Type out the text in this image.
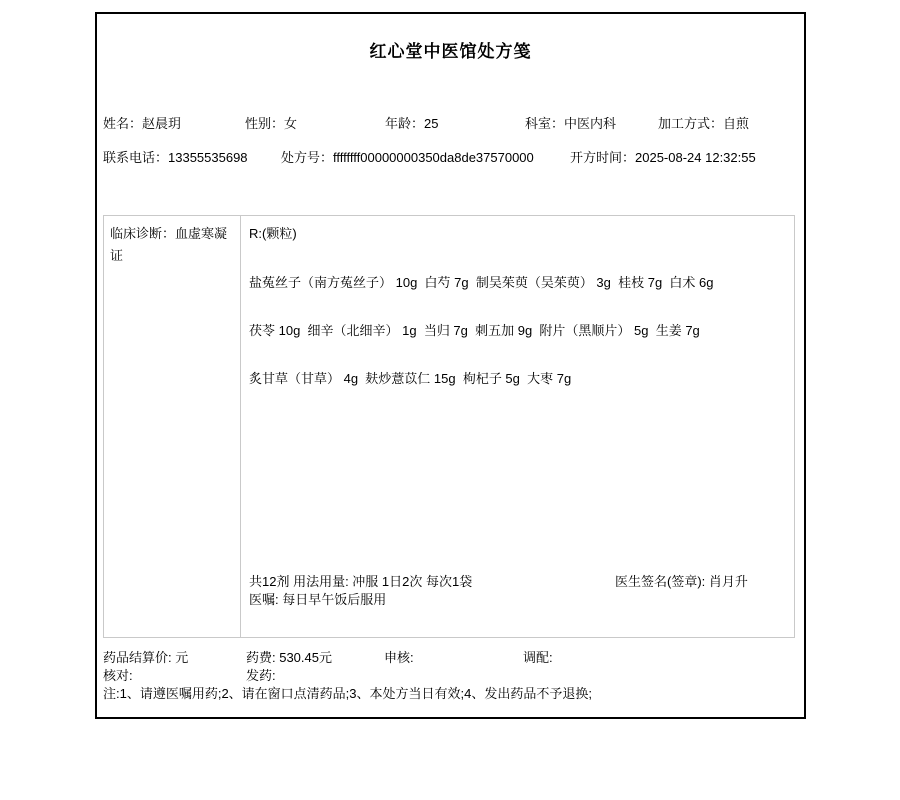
红心堂中医馆处方笺
姓名：赵晨玥	性别：女	年龄：25	科室：中医内科	加工方式：自煎
联系电话：13355535698	处方号：ffffffff00000000350da8de37570000	开方时间：2025-08-24 12:32:55
临床诊断：血虚寒凝证
R:(颗粒)
盐菟丝子（南方菟丝子） 10g  白芍 7g  制吴茱萸（吴茱萸） 3g  桂枝 7g  白术 6g
茯苓 10g  细辛（北细辛） 1g  当归 7g  刺五加 9g  附片（黑顺片） 5g  生姜 7g
炙甘草（甘草） 4g  麸炒薏苡仁 15g  枸杞子 5g  大枣 7g
共12剂 用法用量: 冲服 1日2次 每次1袋	医生签名(签章): 肖月升
医嘱: 每日早午饭后服用
药品结算价: 元	药费: 530.45元	申核:	调配:
核对:	发药:
注:1、请遵医嘱用药;2、请在窗口点清药品;3、本处方当日有效;4、发出药品不予退换;
